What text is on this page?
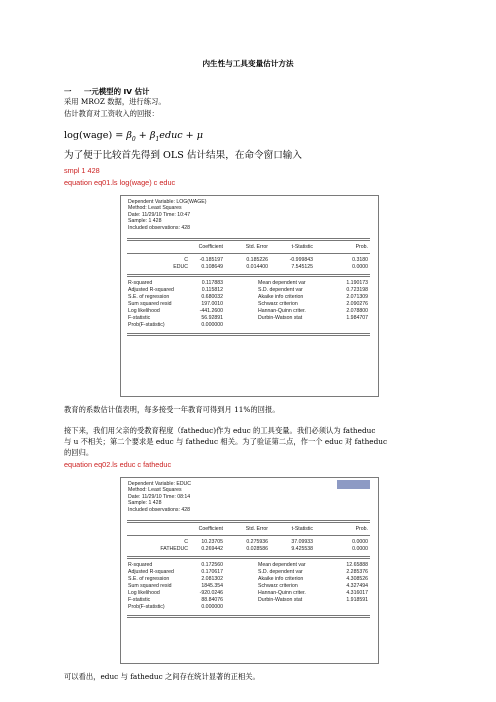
内生性与工具变量估计方法
一 一元模型的 IV 估计
采用 MROZ 数据，进行练习。
估计教育对工资收入的回报：
log(wage) = $\beta_0$ + $\beta_1educ + \mu$
为了便于比较首先得到 OLS 估计结果，在命令窗口输入
smpl 1 428
equation eq01.ls log(wage) c educ
Dependent Variable: LOG(WAGE)
Method: Least Squares
Date: 11/29/10 Time: 10:47
Sample: 1 428
Included observations: 428
Coefficient	Std. Error	t-Statistic	Prob.
C -0.185197	0.185226	-0.999843	0.3180
EDUC	0.108649	0.014400	7.545125	0.0000
R-squared	0.117883	Mean dependent var	1.190173
Adjusted R-squared	0.115812	S.D. dependent var	0.723198
S.E. of regression	0.680032	Akaike info criterion	2.071309
Sum squared resid	197.0010	Schwarz criterion	2.090276
Log likelihood	-441.2600	Hannan-Quinn criter.	2.078800
F-statistic	56.92891	Durbin-Watson stat	1.984707
Prob(F-statistic)	0.000000
教育的系数估计值表明，每多接受一年教育可得到月 11%的回报。
接下来，我们用父亲的受教育程度（fatheduc)作为 educ 的工具变量。我们必须认为 fatheduc
与 u 不相关；第二个要求是 educ 与 fatheduc 相关。为了验证第二点，作一个 educ 对 fatheduc
的回归。
equation eq02.ls educ c fatheduc
Dependent Variable: EDUC
Method: Least Squares
Date: 11/29/10 Time: 08:14
Sample: 1 428
Included observations: 428
Coefficient	Std. Error	t-Statistic	Prob.
C	10.23705	0.275936	37.09933	0.0000
FATHEDUC	0.269442	0.028586	9.425538	0.0000
R-squared	0.172560	Mean dependent var	12.65888
Adjusted R-squared	0.170617	S.D. dependent var	2.285376
S.E. of regression	2.081302	Akaike info criterion	4.308526
Sum squared resid	1845.354	Schwarz criterion	4.327494
Log likelihood	-920.0246	Hannan-Quinn criter.	4.316017
F-statistic	88.84076	Durbin-Watson stat	1.918591
Prob(F-statistic)	0.000000
可以看出，educ 与 fatheduc 之间存在统计显著的正相关。
